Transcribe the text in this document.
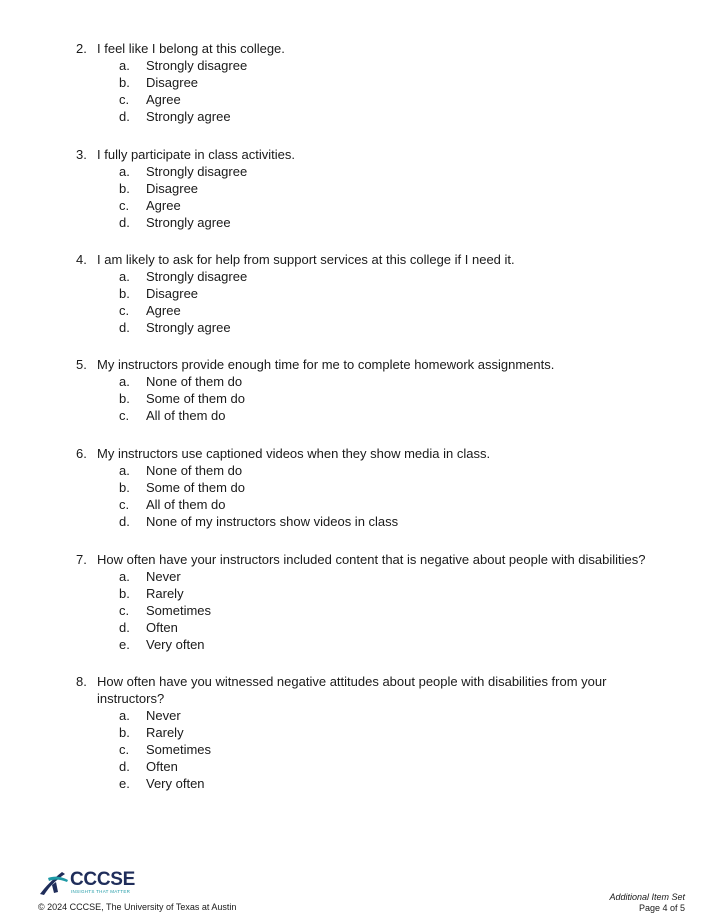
2. I feel like I belong at this college.
a.	Strongly disagree
b.	Disagree
c.	Agree
d.	Strongly agree
3. I fully participate in class activities.
a.	Strongly disagree
b.	Disagree
c.	Agree
d.	Strongly agree
4. I am likely to ask for help from support services at this college if I need it.
a.	Strongly disagree
b.	Disagree
c.	Agree
d.	Strongly agree
5. My instructors provide enough time for me to complete homework assignments.
a.	None of them do
b.	Some of them do
c.	All of them do
6. My instructors use captioned videos when they show media in class.
a.	None of them do
b.	Some of them do
c.	All of them do
d.	None of my instructors show videos in class
7. How often have your instructors included content that is negative about people with disabilities?
a.	Never
b.	Rarely
c.	Sometimes
d.	Often
e.	Very often
8. How often have you witnessed negative attitudes about people with disabilities from your instructors?
a.	Never
b.	Rarely
c.	Sometimes
d.	Often
e.	Very often
CCCSE
INSIGHTS THAT MATTER
© 2024 CCCSE, The University of Texas at Austin
Additional Item Set
Page 4 of 5
